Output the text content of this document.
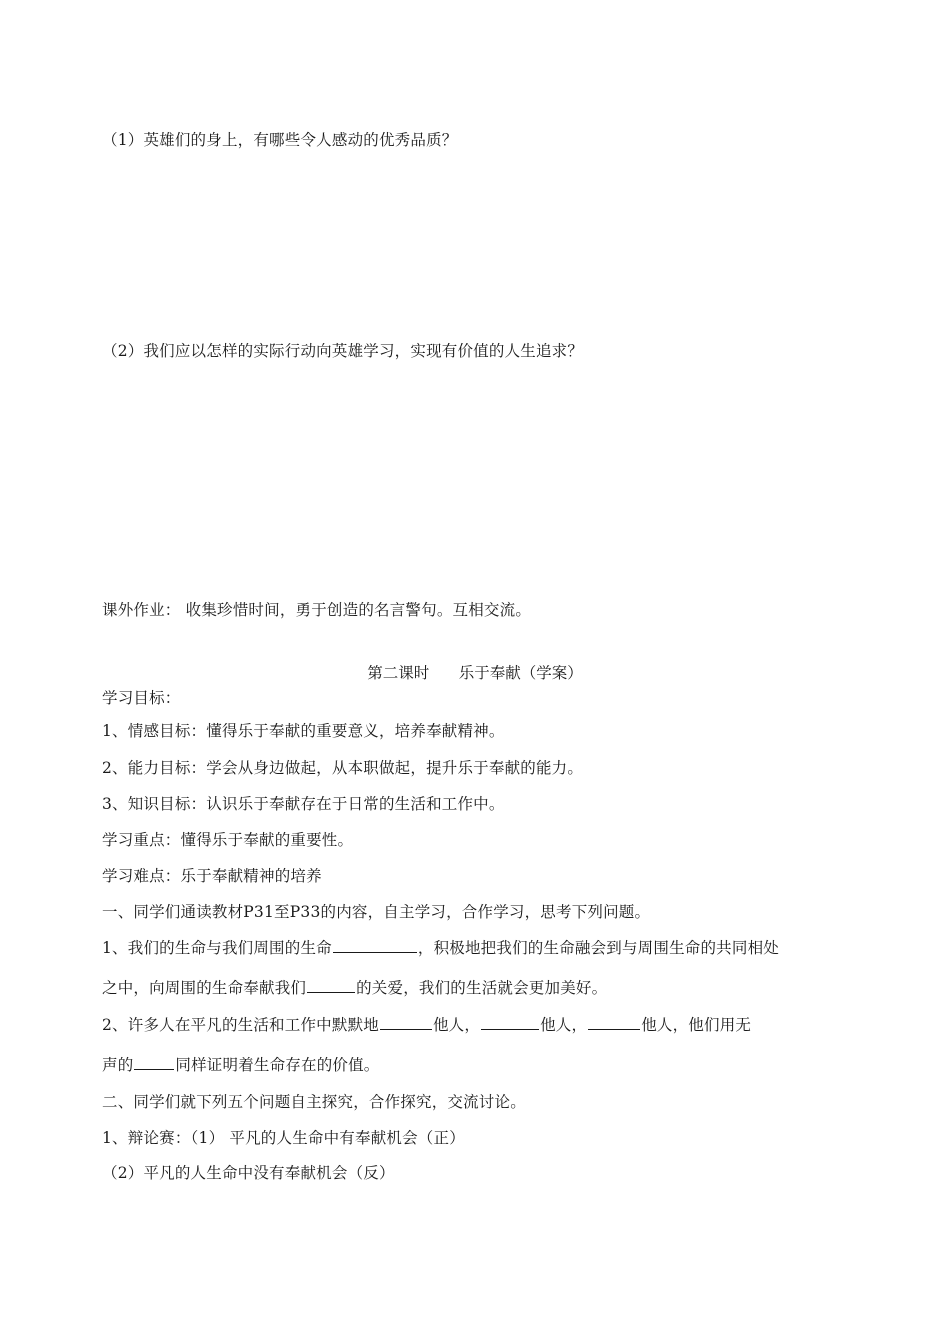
（1）英雄们的身上，有哪些令人感动的优秀品质？
（2）我们应以怎样的实际行动向英雄学习，实现有价值的人生追求？
课外作业： 收集珍惜时间，勇于创造的名言警句。互相交流。
第二课时      乐于奉献（学案）
学习目标：
1、情感目标：懂得乐于奉献的重要意义，培养奉献精神。
2、能力目标：学会从身边做起，从本职做起，提升乐于奉献的能力。
3、知识目标：认识乐于奉献存在于日常的生活和工作中。
学习重点：懂得乐于奉献的重要性。
学习难点：乐于奉献精神的培养
一、同学们通读教材P31至P33的内容，自主学习，合作学习，思考下列问题。
1、我们的生命与我们周围的生命	，积极地把我们的生命融会到与周围生命的共同相处
之中，向周围的生命奉献我们	的关爱，我们的生活就会更加美好。
2、许多人在平凡的生活和工作中默默地	他人，	他人，	他人，他们用无
声的	同样证明着生命存在的价值。
二、同学们就下列五个问题自主探究，合作探究，交流讨论。
1、辩论赛：（1） 平凡的人生命中有奉献机会（正）
（2）平凡的人生命中没有奉献机会（反）
